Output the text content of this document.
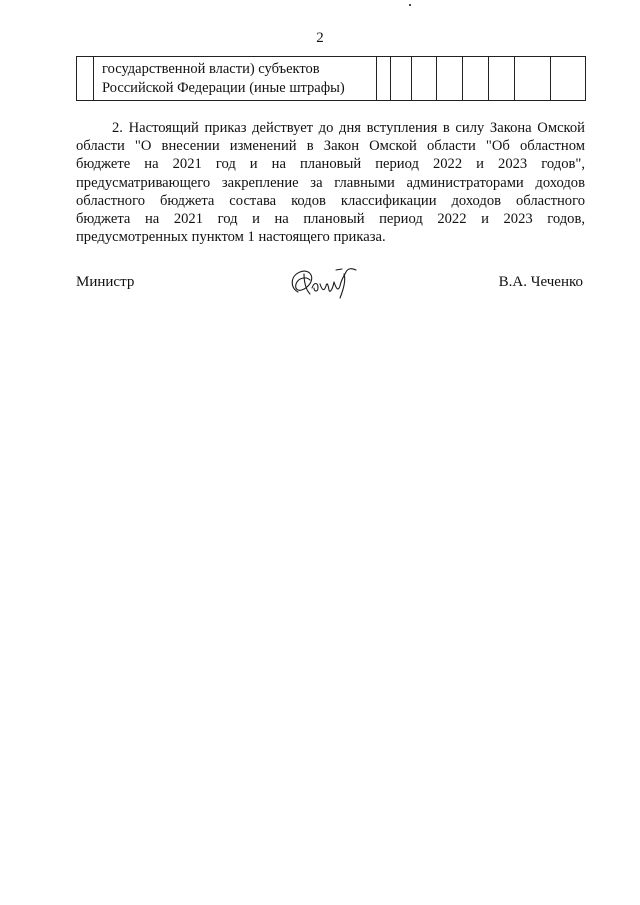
2

государственной власти) субъектов
Российской Федерации (иные штрафы)

2. Настоящий приказ действует до дня вступления в силу Закона Омской
области "О внесении изменений в Закон Омской области "Об областном
бюджете на 2021 год и на плановый период 2022 и 2023 годов",
предусматривающего закрепление за главными администраторами доходов
областного бюджета состава кодов классификации доходов областного
бюджета на 2021 год и на плановый период 2022 и 2023 годов,
предусмотренных пунктом 1 настоящего приказа.
Министр	В.А. Чеченко
